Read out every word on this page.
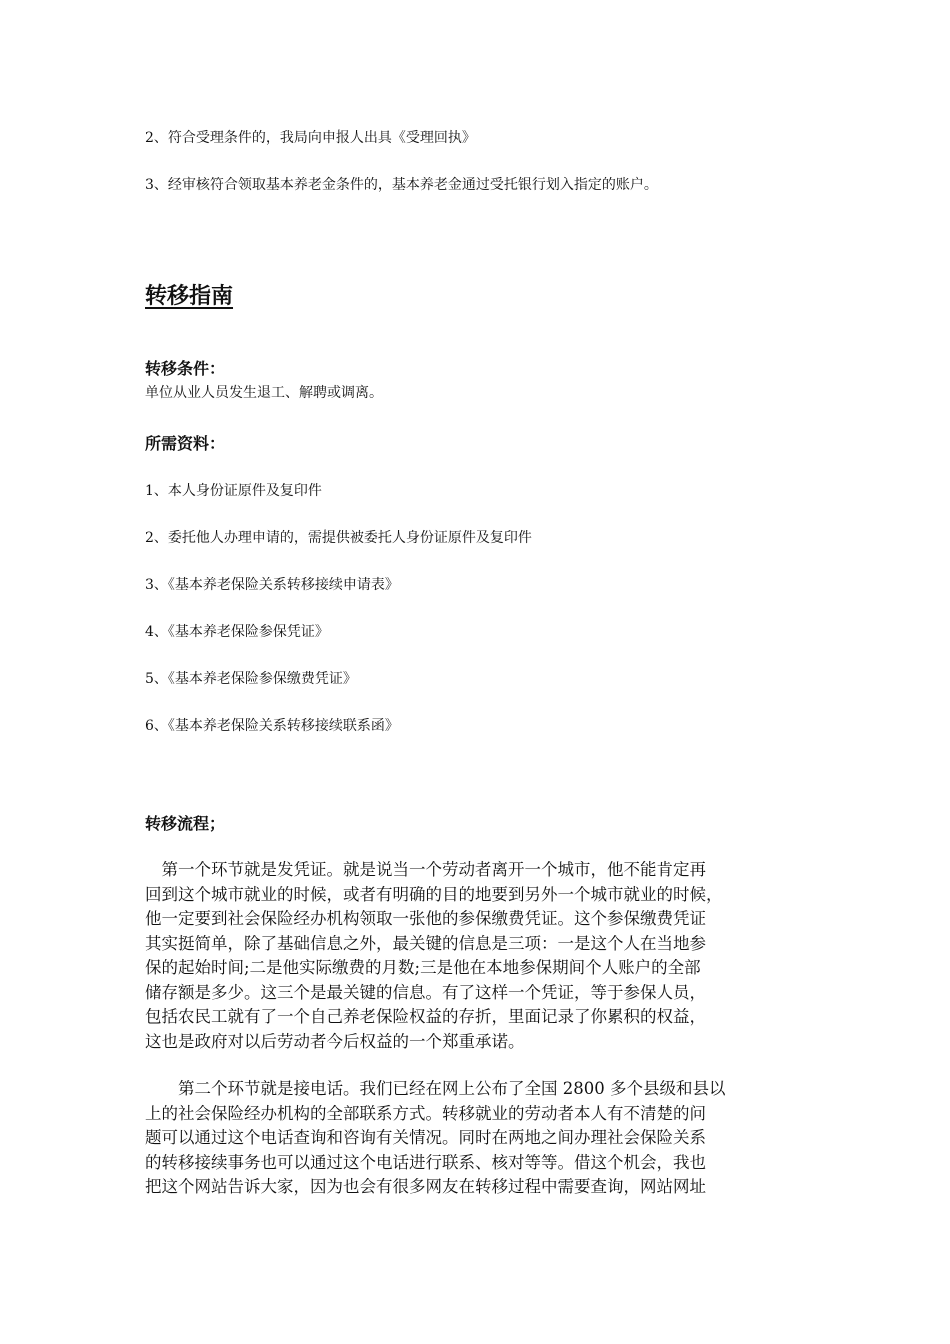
2、符合受理条件的，我局向申报人出具《受理回执》
3、经审核符合领取基本养老金条件的，基本养老金通过受托银行划入指定的账户。
转移指南
转移条件：
单位从业人员发生退工、解聘或调离。
所需资料：
1、本人身份证原件及复印件
2、委托他人办理申请的，需提供被委托人身份证原件及复印件
3、《基本养老保险关系转移接续申请表》
4、《基本养老保险参保凭证》
5、《基本养老保险参保缴费凭证》
6、《基本养老保险关系转移接续联系函》
转移流程；

　第一个环节就是发凭证。就是说当一个劳动者离开一个城市，他不能肯定再

回到这个城市就业的时候，或者有明确的目的地要到另外一个城市就业的时候，

他一定要到社会保险经办机构领取一张他的参保缴费凭证。这个参保缴费凭证

其实挺简单，除了基础信息之外，最关键的信息是三项：一是这个人在当地参

保的起始时间;二是他实际缴费的月数;三是他在本地参保期间个人账户的全部

储存额是多少。这三个是最关键的信息。有了这样一个凭证，等于参保人员，

包括农民工就有了一个自己养老保险权益的存折，里面记录了你累积的权益，

这也是政府对以后劳动者今后权益的一个郑重承诺。

　　第二个环节就是接电话。我们已经在网上公布了全国 2800 多个县级和县以

上的社会保险经办机构的全部联系方式。转移就业的劳动者本人有不清楚的问

题可以通过这个电话查询和咨询有关情况。同时在两地之间办理社会保险关系

的转移接续事务也可以通过这个电话进行联系、核对等等。借这个机会，我也

把这个网站告诉大家，因为也会有很多网友在转移过程中需要查询，网站网址
